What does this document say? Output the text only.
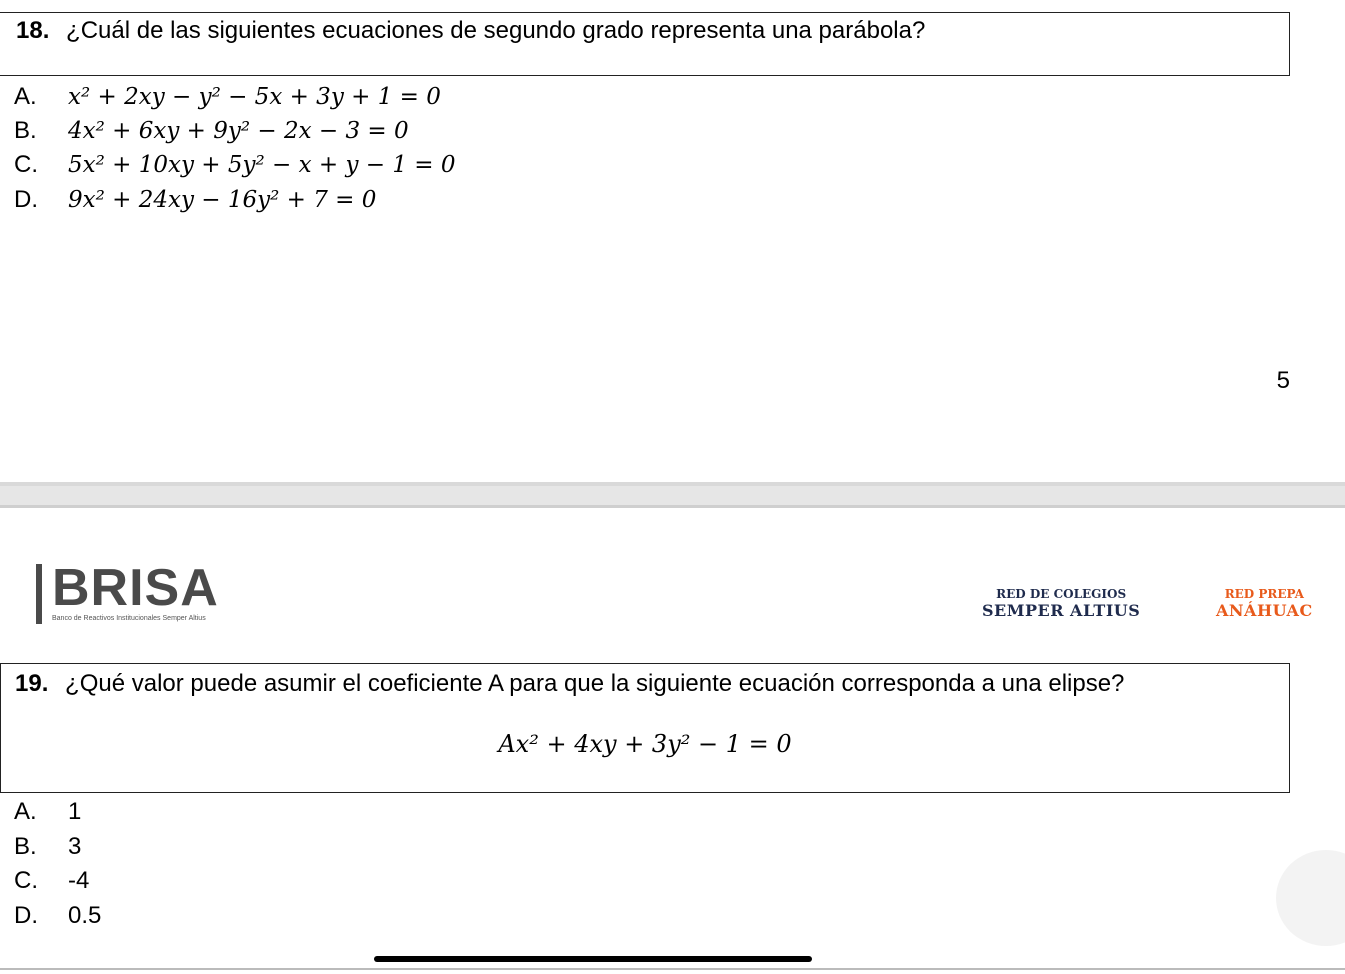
18. ¿Cuál de las siguientes ecuaciones de segundo grado representa una parábola?
A.	x² + 2xy − y² − 5x + 3y + 1 = 0
B.	4x² + 6xy + 9y² − 2x − 3 = 0
C.	5x² + 10xy + 5y² − x + y − 1 = 0
D.	9x² + 24xy − 16y² + 7 = 0
5
BRISA
Banco de Reactivos Institucionales Semper Altius
RED DE COLEGIOS
SEMPER ALTIUS
RED PREPA
ANÁHUAC
19. ¿Qué valor puede asumir el coeficiente A para que la siguiente ecuación corresponda a una elipse?
Ax² + 4xy + 3y² − 1 = 0
A.	1
B.	3
C.	-4
D.	0.5
